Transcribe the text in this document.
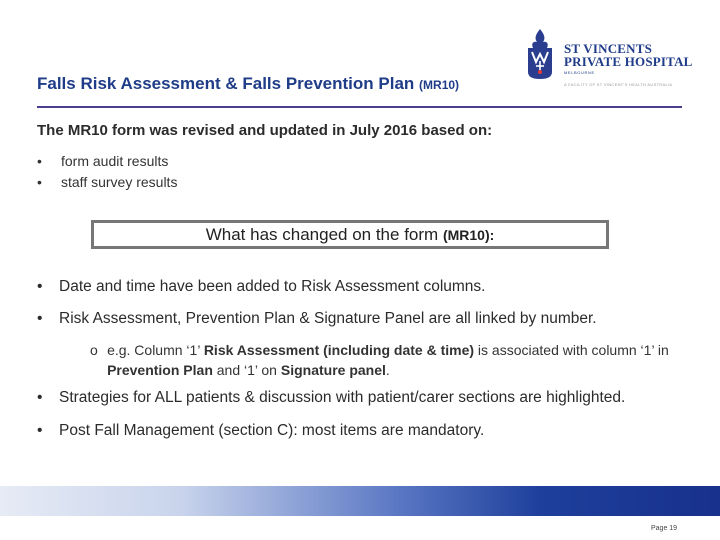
Falls Risk Assessment & Falls Prevention Plan (MR10)
ST VINCENTS
PRIVATE HOSPITAL
MELBOURNE
A FACILITY OF ST VINCENT'S HEALTH AUSTRALIA
The MR10 form was revised and updated in July 2016 based on:
•	form audit results
•	staff survey results
What has changed on the form (MR10):
•	Date and time have been added to Risk Assessment columns.
•	Risk Assessment, Prevention Plan & Signature Panel are all linked by number.
•	Strategies for ALL patients & discussion with patient/carer sections are highlighted.
•	Post Fall Management (section C): most items are mandatory.
o e.g. Column ‘1’ Risk Assessment (including date & time) is associated with column ‘1’ in Prevention Plan and ‘1’ on Signature panel.
Page 19
